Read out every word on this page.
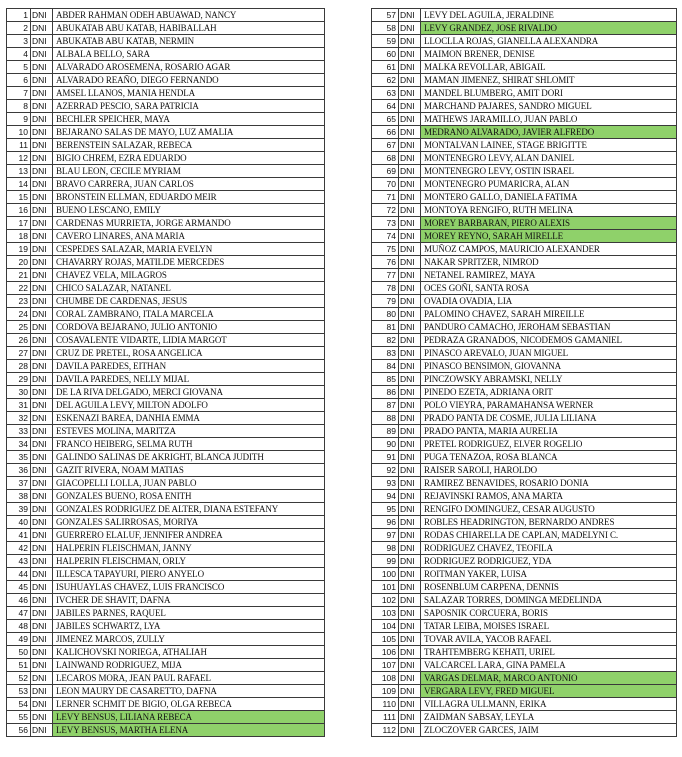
1	DNI	ABDER RAHMAN ODEH ABUAWAD, NANCY
2	DNI	ABUKATAB ABU KATAB, HABIBALLAH
3	DNI	ABUKATAB ABU KATAB, NERMIN
4	DNI	ALBALA BELLO, SARA
5	DNI	ALVARADO AROSEMENA, ROSARIO AGAR
6	DNI	ALVARADO REAÑO, DIEGO FERNANDO
7	DNI	AMSEL LLANOS, MANIA HENDLA
8	DNI	AZERRAD PESCIO, SARA PATRICIA
9	DNI	BECHLER SPEICHER, MAYA
10	DNI	BEJARANO SALAS DE MAYO, LUZ AMALIA
11	DNI	BERENSTEIN SALAZAR, REBECA
12	DNI	BIGIO CHREM, EZRA EDUARDO
13	DNI	BLAU LEON, CECILE MYRIAM
14	DNI	BRAVO CARRERA, JUAN CARLOS
15	DNI	BRONSTEIN ELLMAN, EDUARDO MEIR
16	DNI	BUENO LESCANO, EMILY
17	DNI	CARDENAS MURRIETA, JORGE ARMANDO
18	DNI	CAVERO LINARES, ANA MARIA
19	DNI	CESPEDES SALAZAR, MARIA EVELYN
20	DNI	CHAVARRY ROJAS, MATILDE MERCEDES
21	DNI	CHAVEZ VELA, MILAGROS
22	DNI	CHICO SALAZAR, NATANEL
23	DNI	CHUMBE DE CARDENAS, JESUS
24	DNI	CORAL ZAMBRANO, ITALA MARCELA
25	DNI	CORDOVA BEJARANO, JULIO ANTONIO
26	DNI	COSAVALENTE VIDARTE, LIDIA MARGOT
27	DNI	CRUZ DE PRETEL, ROSA ANGELICA
28	DNI	DAVILA PAREDES, EITHAN
29	DNI	DAVILA PAREDES, NELLY MIJAL
30	DNI	DE LA RIVA DELGADO, MERCI GIOVANA
31	DNI	DEL AGUILA LEVY, MILTON ADOLFO
32	DNI	ESKENAZI BAREA, DANHIA EMMA
33	DNI	ESTEVES MOLINA, MARITZA
34	DNI	FRANCO HEIBERG, SELMA RUTH
35	DNI	GALINDO SALINAS DE AKRIGHT, BLANCA JUDITH
36	DNI	GAZIT RIVERA, NOAM MATIAS
37	DNI	GIACOPELLI LOLLA, JUAN PABLO
38	DNI	GONZALES BUENO, ROSA ENITH
39	DNI	GONZALES RODRIGUEZ DE ALTER, DIANA ESTEFANY
40	DNI	GONZALES SALIRROSAS, MORIYA
41	DNI	GUERRERO ELALUF, JENNIFER ANDREA
42	DNI	HALPERIN FLEISCHMAN, JANNY
43	DNI	HALPERIN FLEISCHMAN, ORLY
44	DNI	ILLESCA TAPAYURI, PIERO ANYELO
45	DNI	ISUHUAYLAS CHAVEZ, LUIS FRANCISCO
46	DNI	IVCHER DE SHAVIT, DAFNA
47	DNI	JABILES PARNES, RAQUEL
48	DNI	JABILES SCHWARTZ, LYA
49	DNI	JIMENEZ MARCOS, ZULLY
50	DNI	KALICHOVSKI NORIEGA, ATHALIAH
51	DNI	LAINWAND RODRIGUEZ, MIJA
52	DNI	LECAROS MORA, JEAN PAUL RAFAEL
53	DNI	LEON MAURY DE CASARETTO, DAFNA
54	DNI	LERNER SCHMIT DE BIGIO, OLGA REBECA
55	DNI	LEVY BENSUS, LILIANA REBECA
56	DNI	LEVY BENSUS, MARTHA ELENA
57	DNI	LEVY DEL AGUILA, JERALDINE
58	DNI	LEVY GRANDEZ, JOSE RIVALDO
59	DNI	LLOCLLA ROJAS, GIANELLA ALEXANDRA
60	DNI	MAIMON BRENER, DENISE
61	DNI	MALKA REVOLLAR, ABIGAIL
62	DNI	MAMAN JIMENEZ, SHIRAT SHLOMIT
63	DNI	MANDEL BLUMBERG, AMIT DORI
64	DNI	MARCHAND PAJARES, SANDRO MIGUEL
65	DNI	MATHEWS JARAMILLO, JUAN PABLO
66	DNI	MEDRANO ALVARADO, JAVIER ALFREDO
67	DNI	MONTALVAN LAINEE, STAGE BRIGITTE
68	DNI	MONTENEGRO LEVY, ALAN DANIEL
69	DNI	MONTENEGRO LEVY, OSTIN ISRAEL
70	DNI	MONTENEGRO PUMARICRA, ALAN
71	DNI	MONTERO GALLO, DANIELA FATIMA
72	DNI	MONTOYA RENGIFO, RUTH MELINA
73	DNI	MOREY BARBARAN, PIERO ALEXIS
74	DNI	MOREY REYNO, SARAH MIRELLE
75	DNI	MUÑOZ CAMPOS, MAURICIO ALEXANDER
76	DNI	NAKAR SPRITZER, NIMROD
77	DNI	NETANEL RAMIREZ, MAYA
78	DNI	OCES GOÑI, SANTA ROSA
79	DNI	OVADIA OVADIA, LIA
80	DNI	PALOMINO CHAVEZ, SARAH MIREILLE
81	DNI	PANDURO CAMACHO, JEROHAM SEBASTIAN
82	DNI	PEDRAZA GRANADOS, NICODEMOS GAMANIEL
83	DNI	PINASCO AREVALO, JUAN MIGUEL
84	DNI	PINASCO BENSIMON, GIOVANNA
85	DNI	PINCZOWSKY ABRAMSKI, NELLY
86	DNI	PINEDO EZETA, ADRIANA ORIT
87	DNI	POLO VIEYRA, PARAMAHANSA WERNER
88	DNI	PRADO PANTA DE COSME, JULIA LILIANA
89	DNI	PRADO PANTA, MARIA AURELIA
90	DNI	PRETEL RODRIGUEZ, ELVER ROGELIO
91	DNI	PUGA TENAZOA, ROSA BLANCA
92	DNI	RAISER SAROLI, HAROLDO
93	DNI	RAMIREZ BENAVIDES, ROSARIO DONIA
94	DNI	REJAVINSKI RAMOS, ANA MARTA
95	DNI	RENGIFO DOMINGUEZ, CESAR AUGUSTO
96	DNI	ROBLES HEADRINGTON, BERNARDO ANDRES
97	DNI	RODAS CHIARELLA DE CAPLAN, MADELYNI C.
98	DNI	RODRIGUEZ CHAVEZ, TEOFILA
99	DNI	RODRIGUEZ RODRIGUEZ, YDA
100	DNI	ROITMAN YAKER, LUISA
101	DNI	ROSENBLUM CARPENA, DENNIS
102	DNI	SALAZAR TORRES, DOMINGA MEDELINDA
103	DNI	SAPOSNIK CORCUERA, BORIS
104	DNI	TATAR LEIBA, MOISES ISRAEL
105	DNI	TOVAR AVILA, YACOB RAFAEL
106	DNI	TRAHTEMBERG KEHATI, URIEL
107	DNI	VALCARCEL LARA, GINA PAMELA
108	DNI	VARGAS DELMAR, MARCO ANTONIO
109	DNI	VERGARA LEVY, FRED MIGUEL
110	DNI	VILLAGRA ULLMANN, ERIKA
111	DNI	ZAIDMAN SABSAY, LEYLA
112	DNI	ZLOCZOVER GARCES, JAIM
